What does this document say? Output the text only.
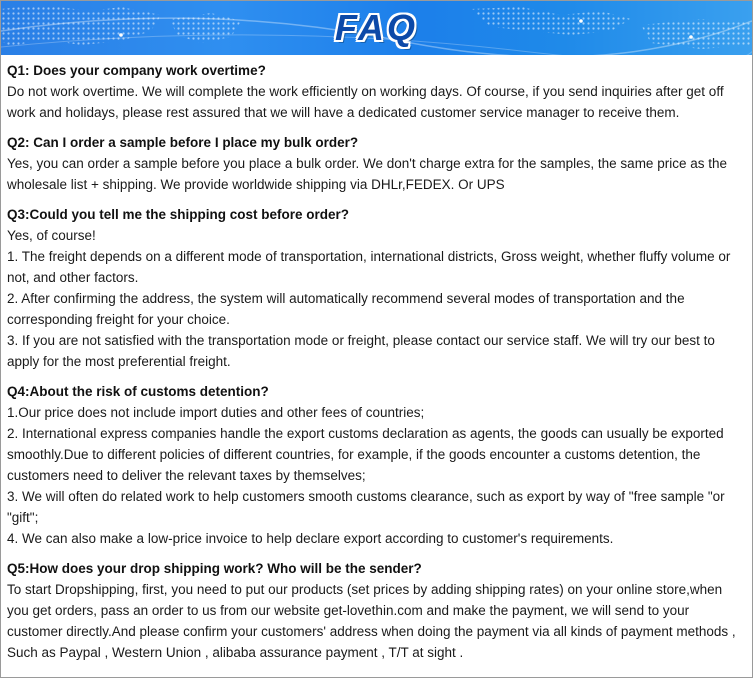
FAQ
Q1: Does your company work overtime?
Do not work overtime. We will complete the work efficiently on working days. Of course, if you send inquiries after get off work and holidays, please rest assured that we will have a dedicated customer service manager to receive them.
Q2: Can I order a sample before I place my bulk order?
Yes, you can order a sample before you place a bulk order. We don't charge extra for the samples, the same price as the wholesale list + shipping. We provide worldwide shipping via DHLr,FEDEX. Or UPS
Q3:Could you tell me the shipping cost before order?
Yes, of course!
1. The freight depends on a different mode of transportation, international districts, Gross weight, whether fluffy volume or not, and other factors.
2. After confirming the address, the system will automatically recommend several modes of transportation and the corresponding freight for your choice.
3. If you are not satisfied with the transportation mode or freight, please contact our service staff. We will try our best to apply for the most preferential freight.
Q4:About the risk of customs detention?
1.Our price does not include import duties and other fees of countries;
2. International express companies handle the export customs declaration as agents, the goods can usually be exported smoothly.Due to different policies of different countries, for example, if the goods encounter a customs detention, the customers need to deliver the relevant taxes by themselves;
3. We will often do related work to help customers smooth customs clearance, such as export by way of "free sample "or "gift";
4. We can also make a low-price invoice to help declare export according to customer's requirements.
Q5:How does your drop shipping work? Who will be the sender?
To start Dropshipping, first, you need to put our products (set prices by adding shipping rates) on your online store,when you get orders, pass an order to us from our website get-lovethin.com and make the payment, we will send to your customer directly.And please confirm your customers' address when doing the payment via all kinds of payment methods , Such as Paypal , Western Union , alibaba assurance payment , T/T at sight .
